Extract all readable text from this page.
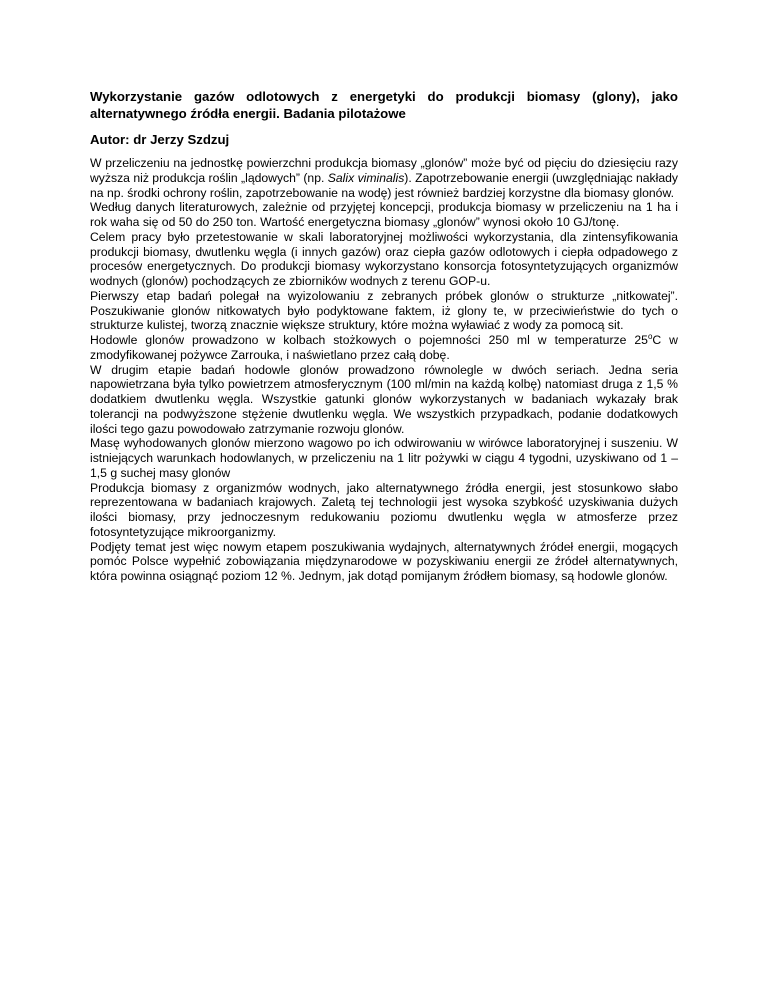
Wykorzystanie gazów odlotowych z energetyki do produkcji biomasy (glony), jako alternatywnego źródła energii. Badania pilotażowe
Autor: dr Jerzy Szdzuj

W przeliczeniu na jednostkę powierzchni produkcja biomasy „glonów” może być od pięciu do dziesięciu razy wyższa niż produkcja roślin „lądowych” (np. Salix viminalis). Zapotrzebowanie energii (uwzględniając nakłady na np. środki ochrony roślin, zapotrzebowanie na wodę) jest również bardziej korzystne dla biomasy glonów.

Według danych literaturowych, zależnie od przyjętej koncepcji, produkcja biomasy w przeliczeniu na 1 ha i rok waha się od 50 do 250 ton. Wartość energetyczna biomasy „glonów” wynosi około 10 GJ/tonę.

Celem pracy było przetestowanie w skali laboratoryjnej możliwości wykorzystania, dla zintensyfikowania produkcji biomasy, dwutlenku węgla (i innych gazów) oraz ciepła gazów odlotowych i ciepła odpadowego z procesów energetycznych. Do produkcji biomasy wykorzystano konsorcja fotosyntetyzujących organizmów wodnych (glonów) pochodzących ze zbiorników wodnych z terenu GOP-u.

Pierwszy etap badań polegał na wyizolowaniu z zebranych próbek glonów o strukturze „nitkowatej”. Poszukiwanie glonów nitkowatych było podyktowane faktem, iż glony te, w przeciwieństwie do tych o strukturze kulistej, tworzą znacznie większe struktury, które można wyławiać z wody za pomocą sit.

Hodowle glonów prowadzono w kolbach stożkowych o pojemności 250 ml w temperaturze 25$^o$C w zmodyfikowanej pożywce Zarrouka, i naświetlano przez całą dobę.

W drugim etapie badań hodowle glonów prowadzono równolegle w dwóch seriach. Jedna seria napowietrzana była tylko powietrzem atmosferycznym (100 ml/min na każdą kolbę) natomiast druga z 1,5 % dodatkiem dwutlenku węgla. Wszystkie gatunki glonów wykorzystanych w badaniach wykazały brak tolerancji na podwyższone stężenie dwutlenku węgla. We wszystkich przypadkach, podanie dodatkowych ilości tego gazu powodowało zatrzymanie rozwoju glonów.

Masę wyhodowanych glonów mierzono wagowo po ich odwirowaniu w wirówce laboratoryjnej i suszeniu. W istniejących warunkach hodowlanych, w przeliczeniu na 1 litr pożywki w ciągu 4 tygodni, uzyskiwano od 1 – 1,5 g suchej masy glonów

Produkcja biomasy z organizmów wodnych, jako alternatywnego źródła energii, jest stosunkowo słabo reprezentowana w badaniach krajowych. Zaletą tej technologii jest wysoka szybkość uzyskiwania dużych ilości biomasy, przy jednoczesnym redukowaniu poziomu dwutlenku węgla w atmosferze przez fotosyntetyzujące mikroorganizmy.

Podjęty temat jest więc nowym etapem poszukiwania wydajnych, alternatywnych źródeł energii, mogących pomóc Polsce wypełnić zobowiązania międzynarodowe w pozyskiwaniu energii ze źródeł alternatywnych, która powinna osiągnąć poziom 12 %. Jednym, jak dotąd pomijanym źródłem biomasy, są hodowle glonów.
